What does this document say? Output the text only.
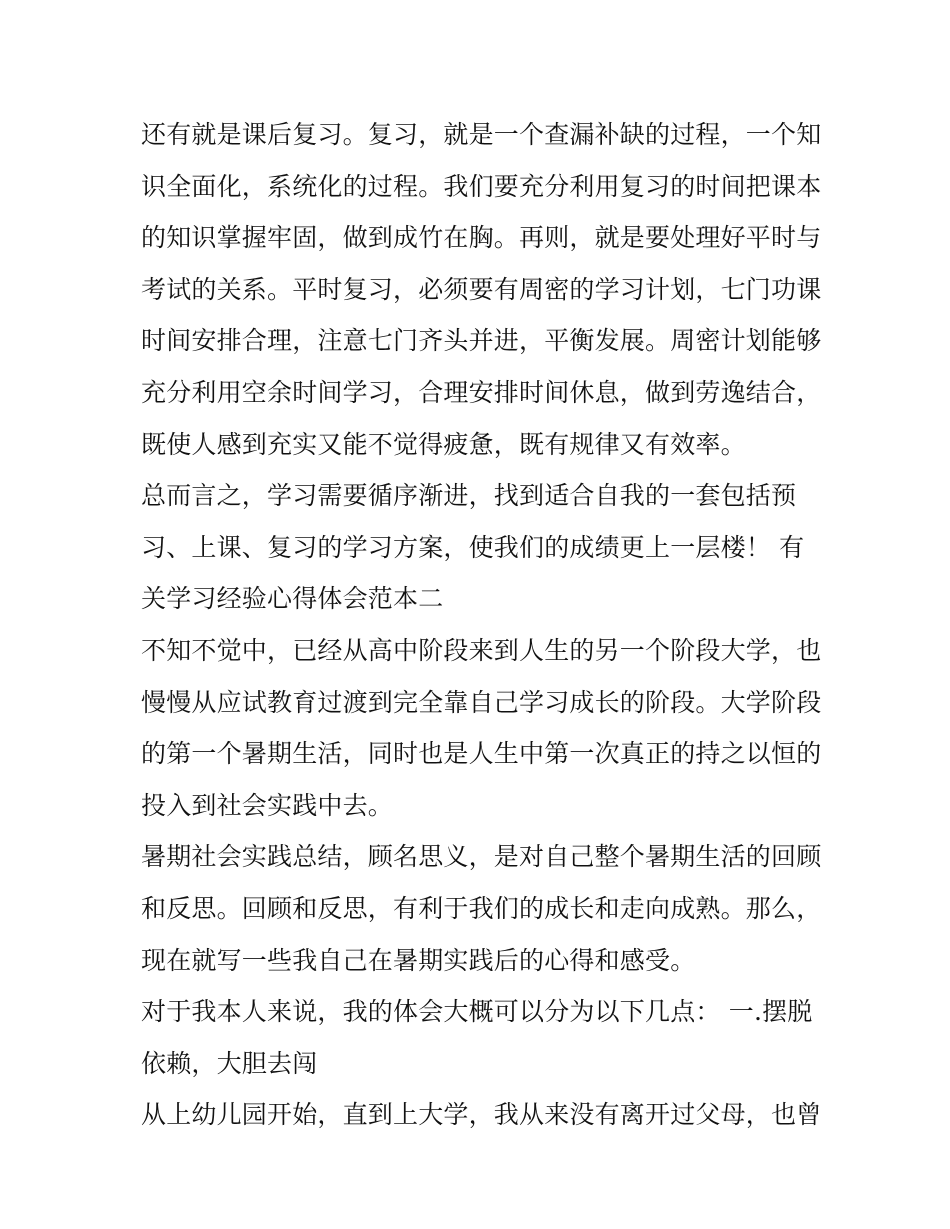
还有就是课后复习。复习，就是一个查漏补缺的过程，一个知
识全面化，系统化的过程。我们要充分利用复习的时间把课本
的知识掌握牢固，做到成竹在胸。再则，就是要处理好平时与
考试的关系。平时复习，必须要有周密的学习计划，七门功课
时间安排合理，注意七门齐头并进，平衡发展。周密计划能够
充分利用空余时间学习，合理安排时间休息，做到劳逸结合，
既使人感到充实又能不觉得疲惫，既有规律又有效率。
总而言之，学习需要循序渐进，找到适合自我的一套包括预
习、上课、复习的学习方案，使我们的成绩更上一层楼！ 有
关学习经验心得体会范本二
不知不觉中，已经从高中阶段来到人生的另一个阶段大学，也
慢慢从应试教育过渡到完全靠自己学习成长的阶段。大学阶段
的第一个暑期生活，同时也是人生中第一次真正的持之以恒的
投入到社会实践中去。
暑期社会实践总结，顾名思义，是对自己整个暑期生活的回顾
和反思。回顾和反思，有利于我们的成长和走向成熟。那么，
现在就写一些我自己在暑期实践后的心得和感受。
对于我本人来说，我的体会大概可以分为以下几点： 一.摆脱
依赖，大胆去闯
从上幼儿园开始，直到上大学，我从来没有离开过父母，也曾
